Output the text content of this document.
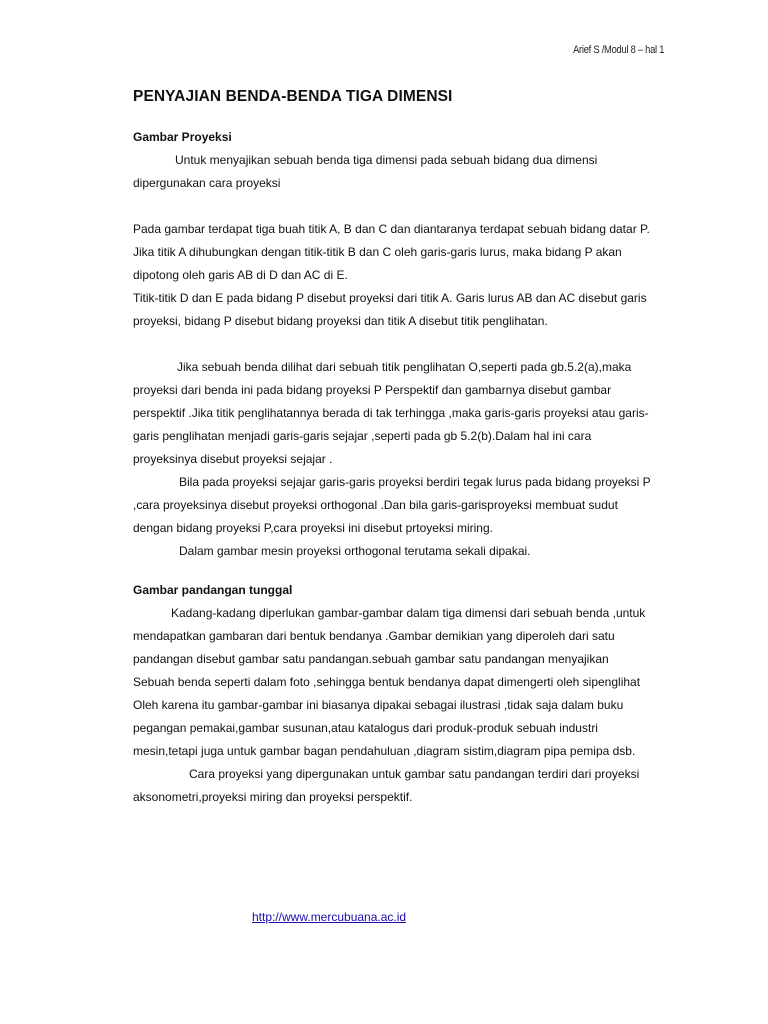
Arief S /Modul 8 – hal 1
PENYAJIAN BENDA-BENDA TIGA DIMENSI
Gambar Proyeksi

Untuk menyajikan sebuah benda tiga dimensi pada sebuah bidang dua dimensi dipergunakan cara proyeksi

Pada gambar terdapat tiga buah titik A, B dan C dan diantaranya terdapat sebuah bidang datar P. Jika titik A dihubungkan dengan titik-titik B dan C oleh garis-garis lurus, maka bidang P akan dipotong oleh garis AB di D dan AC di E.

Titik-titik D dan E pada bidang P disebut proyeksi dari titik A. Garis lurus AB dan AC disebut garis proyeksi, bidang P disebut bidang proyeksi dan titik A disebut titik penglihatan.

Jika sebuah benda dilihat dari sebuah titik penglihatan O,seperti pada gb.5.2(a),maka proyeksi dari benda ini pada bidang proyeksi P Perspektif dan gambarnya disebut gambar perspektif .Jika titik penglihatannya berada di tak terhingga ,maka garis-garis proyeksi atau garis-garis penglihatan menjadi garis-garis sejajar ,seperti pada gb 5.2(b).Dalam hal ini cara proyeksinya disebut proyeksi sejajar .

Bila pada proyeksi sejajar garis-garis proyeksi berdiri tegak lurus pada bidang proyeksi P ,cara proyeksinya disebut proyeksi orthogonal .Dan bila garis-garisproyeksi membuat sudut dengan bidang proyeksi P,cara proyeksi ini disebut prtoyeksi miring.

Dalam gambar mesin proyeksi orthogonal terutama sekali dipakai.

Gambar pandangan tunggal

Kadang-kadang diperlukan gambar-gambar dalam tiga dimensi dari sebuah benda ,untuk mendapatkan gambaran dari bentuk bendanya .Gambar demikian yang diperoleh dari satu pandangan disebut gambar satu pandangan.sebuah gambar satu pandangan menyajikan

Sebuah benda seperti dalam foto ,sehingga bentuk bendanya dapat dimengerti oleh sipenglihat

Oleh karena itu gambar-gambar ini biasanya dipakai sebagai ilustrasi ,tidak saja dalam buku pegangan pemakai,gambar susunan,atau katalogus dari produk-produk sebuah industri mesin,tetapi juga untuk gambar bagan pendahuluan ,diagram sistim,diagram pipa pemipa dsb.

Cara proyeksi yang dipergunakan untuk gambar satu pandangan terdiri dari proyeksi aksonometri,proyeksi miring dan proyeksi perspektif.

http://www.mercubuana.ac.id
